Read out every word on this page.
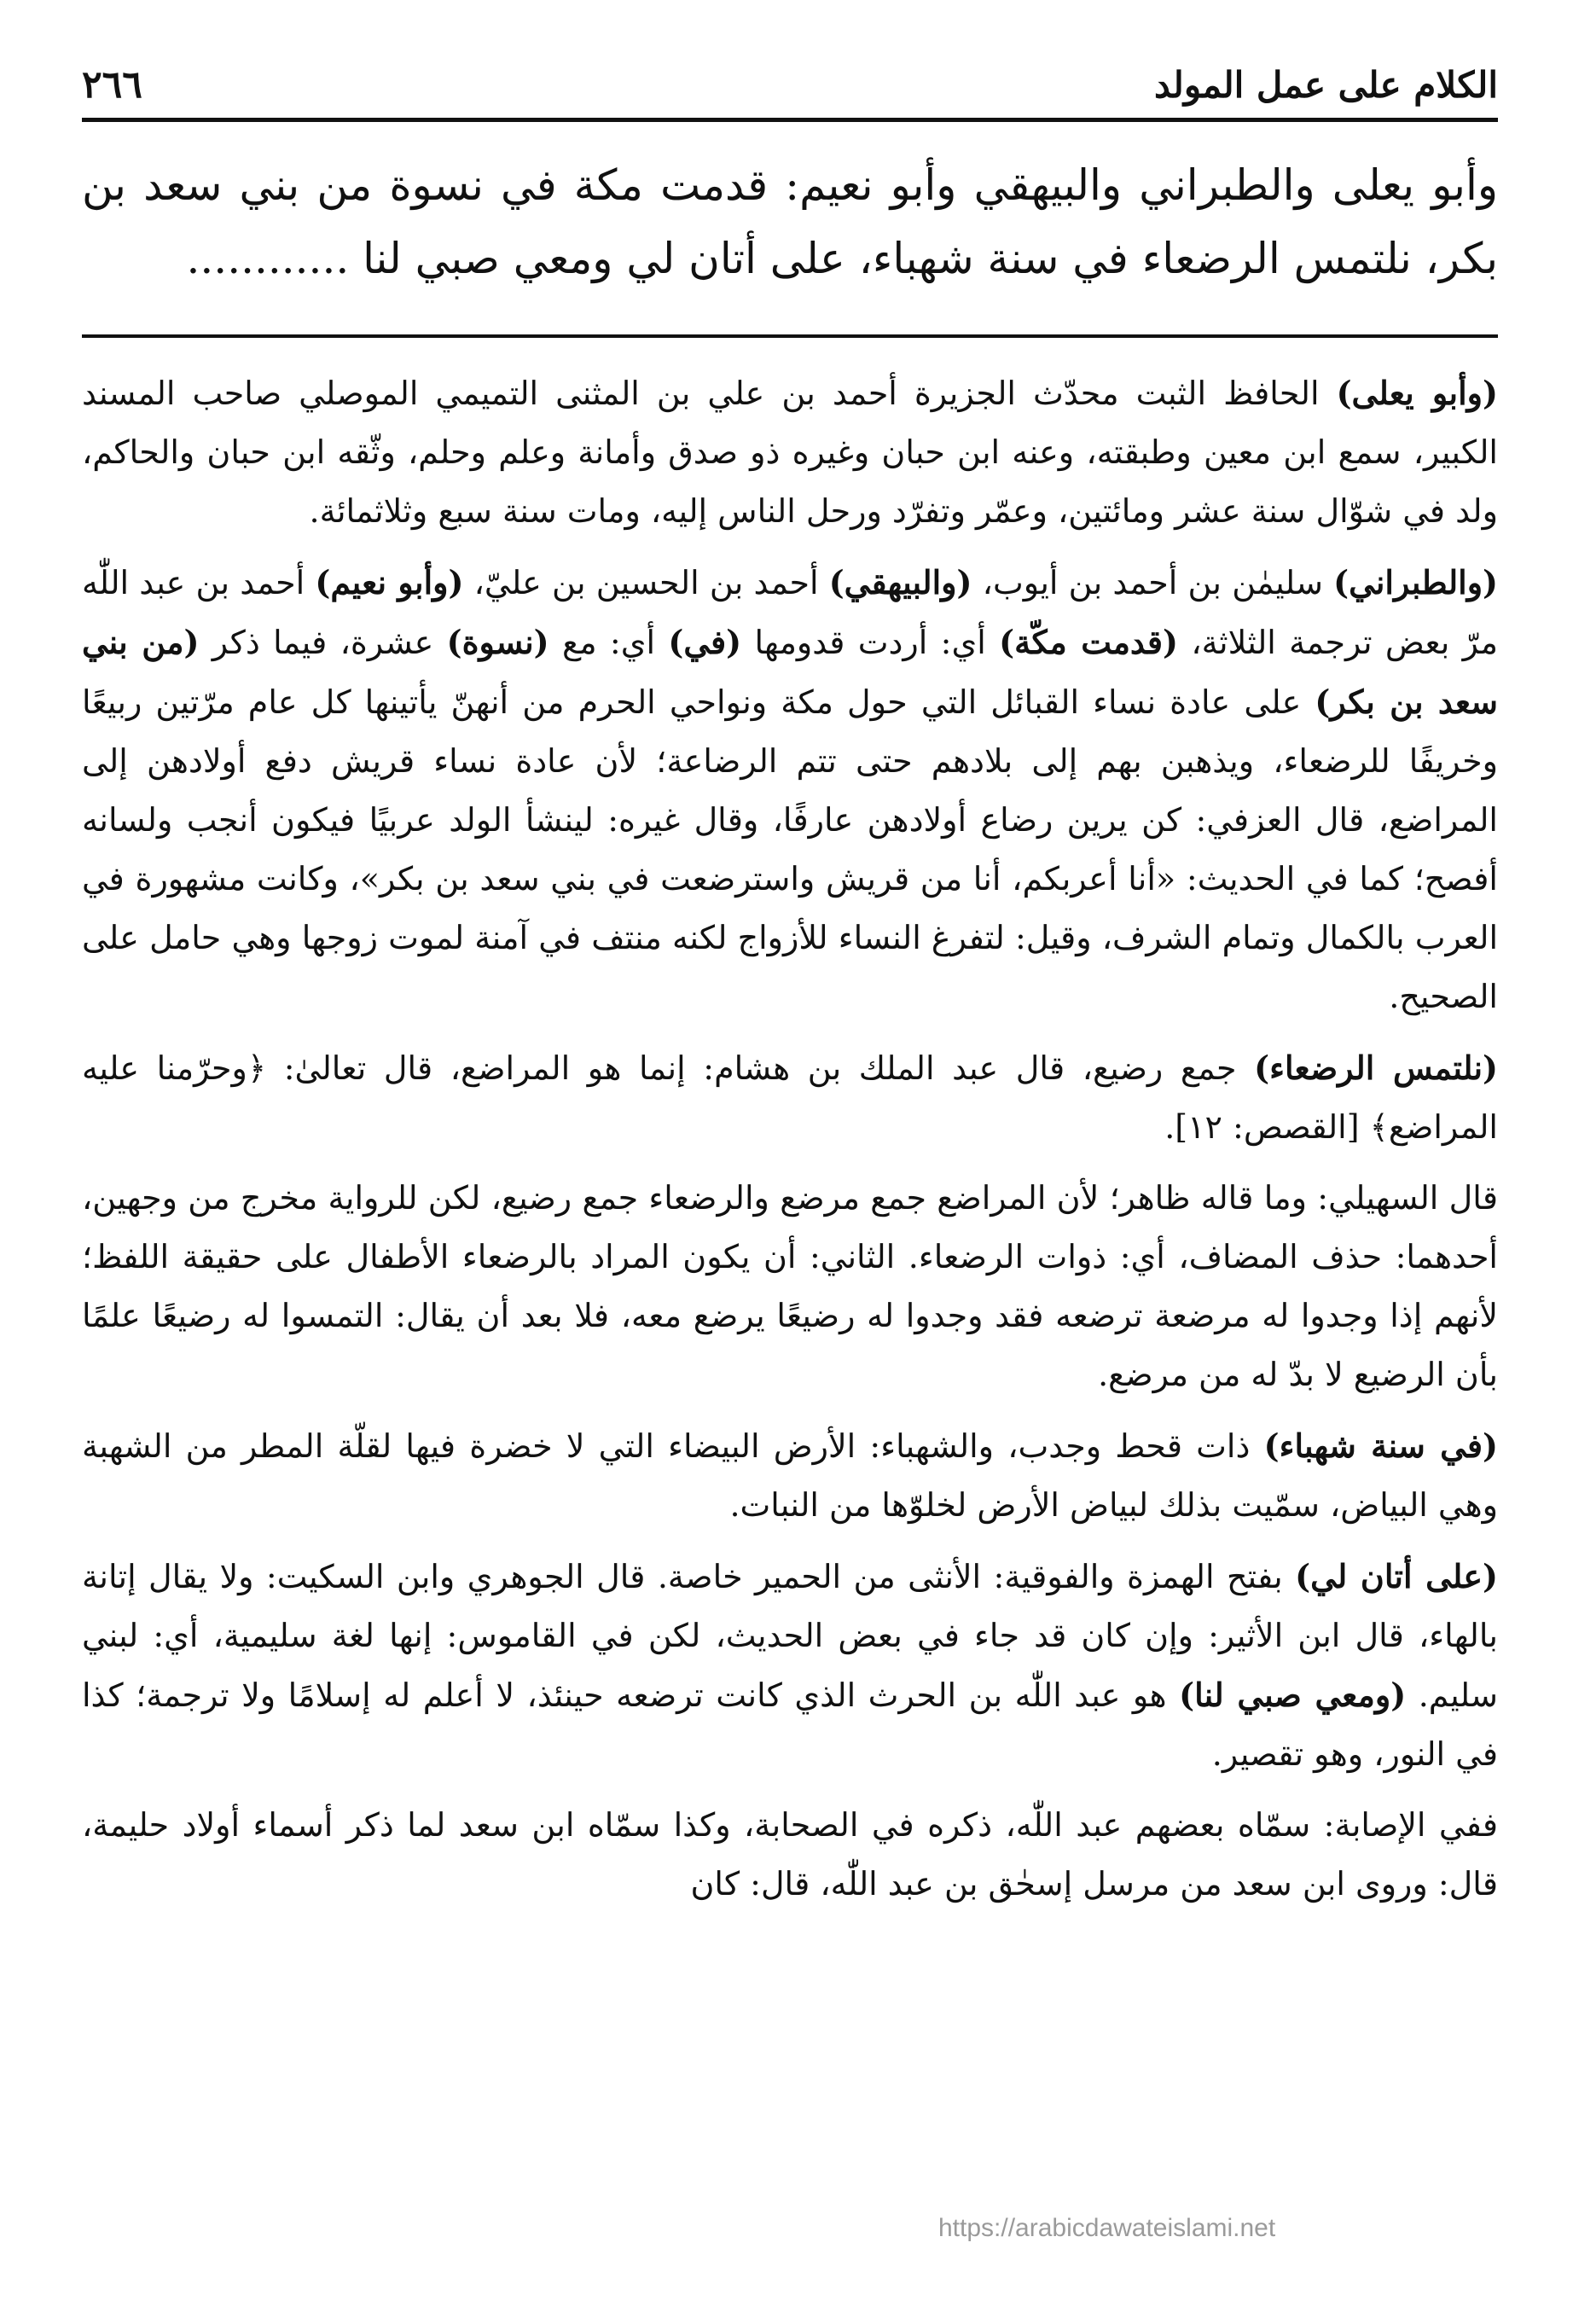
الكلام على عمل المولد
٢٦٦
وأبو يعلى والطبراني والبيهقي وأبو نعيم: قدمت مكة في نسوة من بني سعد بن بكر، نلتمس الرضعاء في سنة شهباء، على أتان لي ومعي صبي لنا ............

(وأبو يعلى) الحافظ الثبت محدّث الجزيرة أحمد بن علي بن المثنى التميمي الموصلي صاحب المسند الكبير، سمع ابن معين وطبقته، وعنه ابن حبان وغيره ذو صدق وأمانة وعلم وحلم، وثّقه ابن حبان والحاكم، ولد في شوّال سنة عشر ومائتين، وعمّر وتفرّد ورحل الناس إليه، ومات سنة سبع وثلاثمائة.

(والطبراني) سليمٰن بن أحمد بن أيوب، (والبيهقي) أحمد بن الحسين بن عليّ، (وأبو نعيم) أحمد بن عبد اللّٰه مرّ بعض ترجمة الثلاثة، (قدمت مكّة) أي: أردت قدومها (في) أي: مع (نسوة) عشرة، فيما ذكر (من بني سعد بن بكر) على عادة نساء القبائل التي حول مكة ونواحي الحرم من أنهنّ يأتينها كل عام مرّتين ربيعًا وخريفًا للرضعاء، ويذهبن بهم إلى بلادهم حتى تتم الرضاعة؛ لأن عادة نساء قريش دفع أولادهن إلى المراضع، قال العزفي: كن يرين رضاع أولادهن عارفًا، وقال غيره: لينشأ الولد عربيًا فيكون أنجب ولسانه أفصح؛ كما في الحديث: «أنا أعربكم، أنا من قريش واسترضعت في بني سعد بن بكر»، وكانت مشهورة في العرب بالكمال وتمام الشرف، وقيل: لتفرغ النساء للأزواج لكنه منتف في آمنة لموت زوجها وهي حامل على الصحيح.

(نلتمس الرضعاء) جمع رضيع، قال عبد الملك بن هشام: إنما هو المراضع، قال تعالىٰ: ﴿وحرّمنا عليه المراضع﴾ [القصص: ١٢].

قال السهيلي: وما قاله ظاهر؛ لأن المراضع جمع مرضع والرضعاء جمع رضيع، لكن للرواية مخرج من وجهين، أحدهما: حذف المضاف، أي: ذوات الرضعاء. الثاني: أن يكون المراد بالرضعاء الأطفال على حقيقة اللفظ؛ لأنهم إذا وجدوا له مرضعة ترضعه فقد وجدوا له رضيعًا يرضع معه، فلا بعد أن يقال: التمسوا له رضيعًا علمًا بأن الرضيع لا بدّ له من مرضع.

(في سنة شهباء) ذات قحط وجدب، والشهباء: الأرض البيضاء التي لا خضرة فيها لقلّة المطر من الشهبة وهي البياض، سمّيت بذلك لبياض الأرض لخلوّها من النبات.

(على أتان لي) بفتح الهمزة والفوقية: الأنثى من الحمير خاصة. قال الجوهري وابن السكيت: ولا يقال إتانة بالهاء، قال ابن الأثير: وإن كان قد جاء في بعض الحديث، لكن في القاموس: إنها لغة سليمية، أي: لبني سليم. (ومعي صبي لنا) هو عبد اللّٰه بن الحرث الذي كانت ترضعه حينئذ، لا أعلم له إسلامًا ولا ترجمة؛ كذا في النور، وهو تقصير.

ففي الإصابة: سمّاه بعضهم عبد اللّٰه، ذكره في الصحابة، وكذا سمّاه ابن سعد لما ذكر أسماء أولاد حليمة، قال: وروى ابن سعد من مرسل إسحٰق بن عبد اللّٰه، قال: كان

https://arabicdawateislami.net
